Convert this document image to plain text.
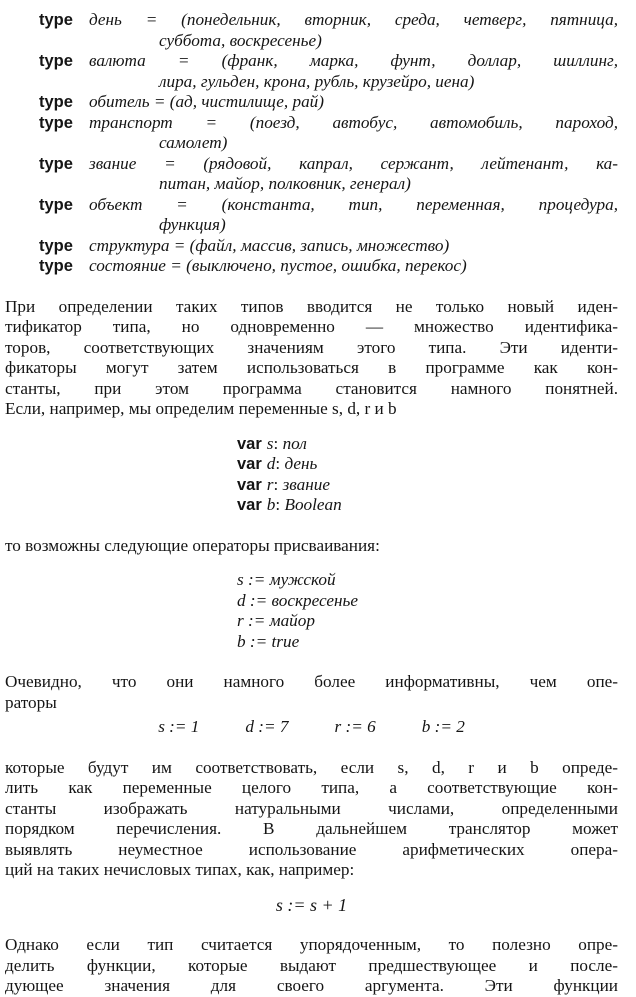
type день = (понедельник, вторник, среда, четверг, пятница,
суббота, воскресенье)
type валюта = (франк, марка, фунт, доллар, шиллинг,
лира, гульден, крона, рубль, крузейро, иена)
type обитель = (ад, чистилище, рай)
type транспорт = (поезд, автобус, автомобиль, пароход,
самолет)
type звание = (рядовой, капрал, сержант, лейтенант, ка-
питан, майор, полковник, генерал)
type объект = (константа, тип, переменная, процедура,
функция)
type структура = (файл, массив, запись, множество)
type состояние = (выключено, пустое, ошибка, перекос)
При определении таких типов вводится не только новый иден-
тификатор типа, но одновременно — множество идентифика-
торов, соответствующих значениям этого типа. Эти иденти-
фикаторы могут затем использоваться в программе как кон-
станты, при этом программа становится намного понятней.
Если, например, мы определим переменные s, d, r и b
var s: пол
var d: день
var r: звание
var b: Boolean
то возможны следующие операторы присваивания:
s := мужской
d := воскресенье
r := майор
b := true
Очевидно, что они намного более информативны, чем опе-
раторы
s := 1	d := 7	r := 6	b := 2
которые будут им соответствовать, если s, d, r и b опреде-
лить как переменные целого типа, а соответствующие кон-
станты изображать натуральными числами, определенными
порядком перечисления. В дальнейшем транслятор может
выявлять неуместное использование арифметических опера-
ций на таких нечисловых типах, как, например:
s := s + 1
Однако если тип считается упорядоченным, то полезно опре-
делить функции, которые выдают предшествующее и после-
дующее значения для своего аргумента. Эти функции
